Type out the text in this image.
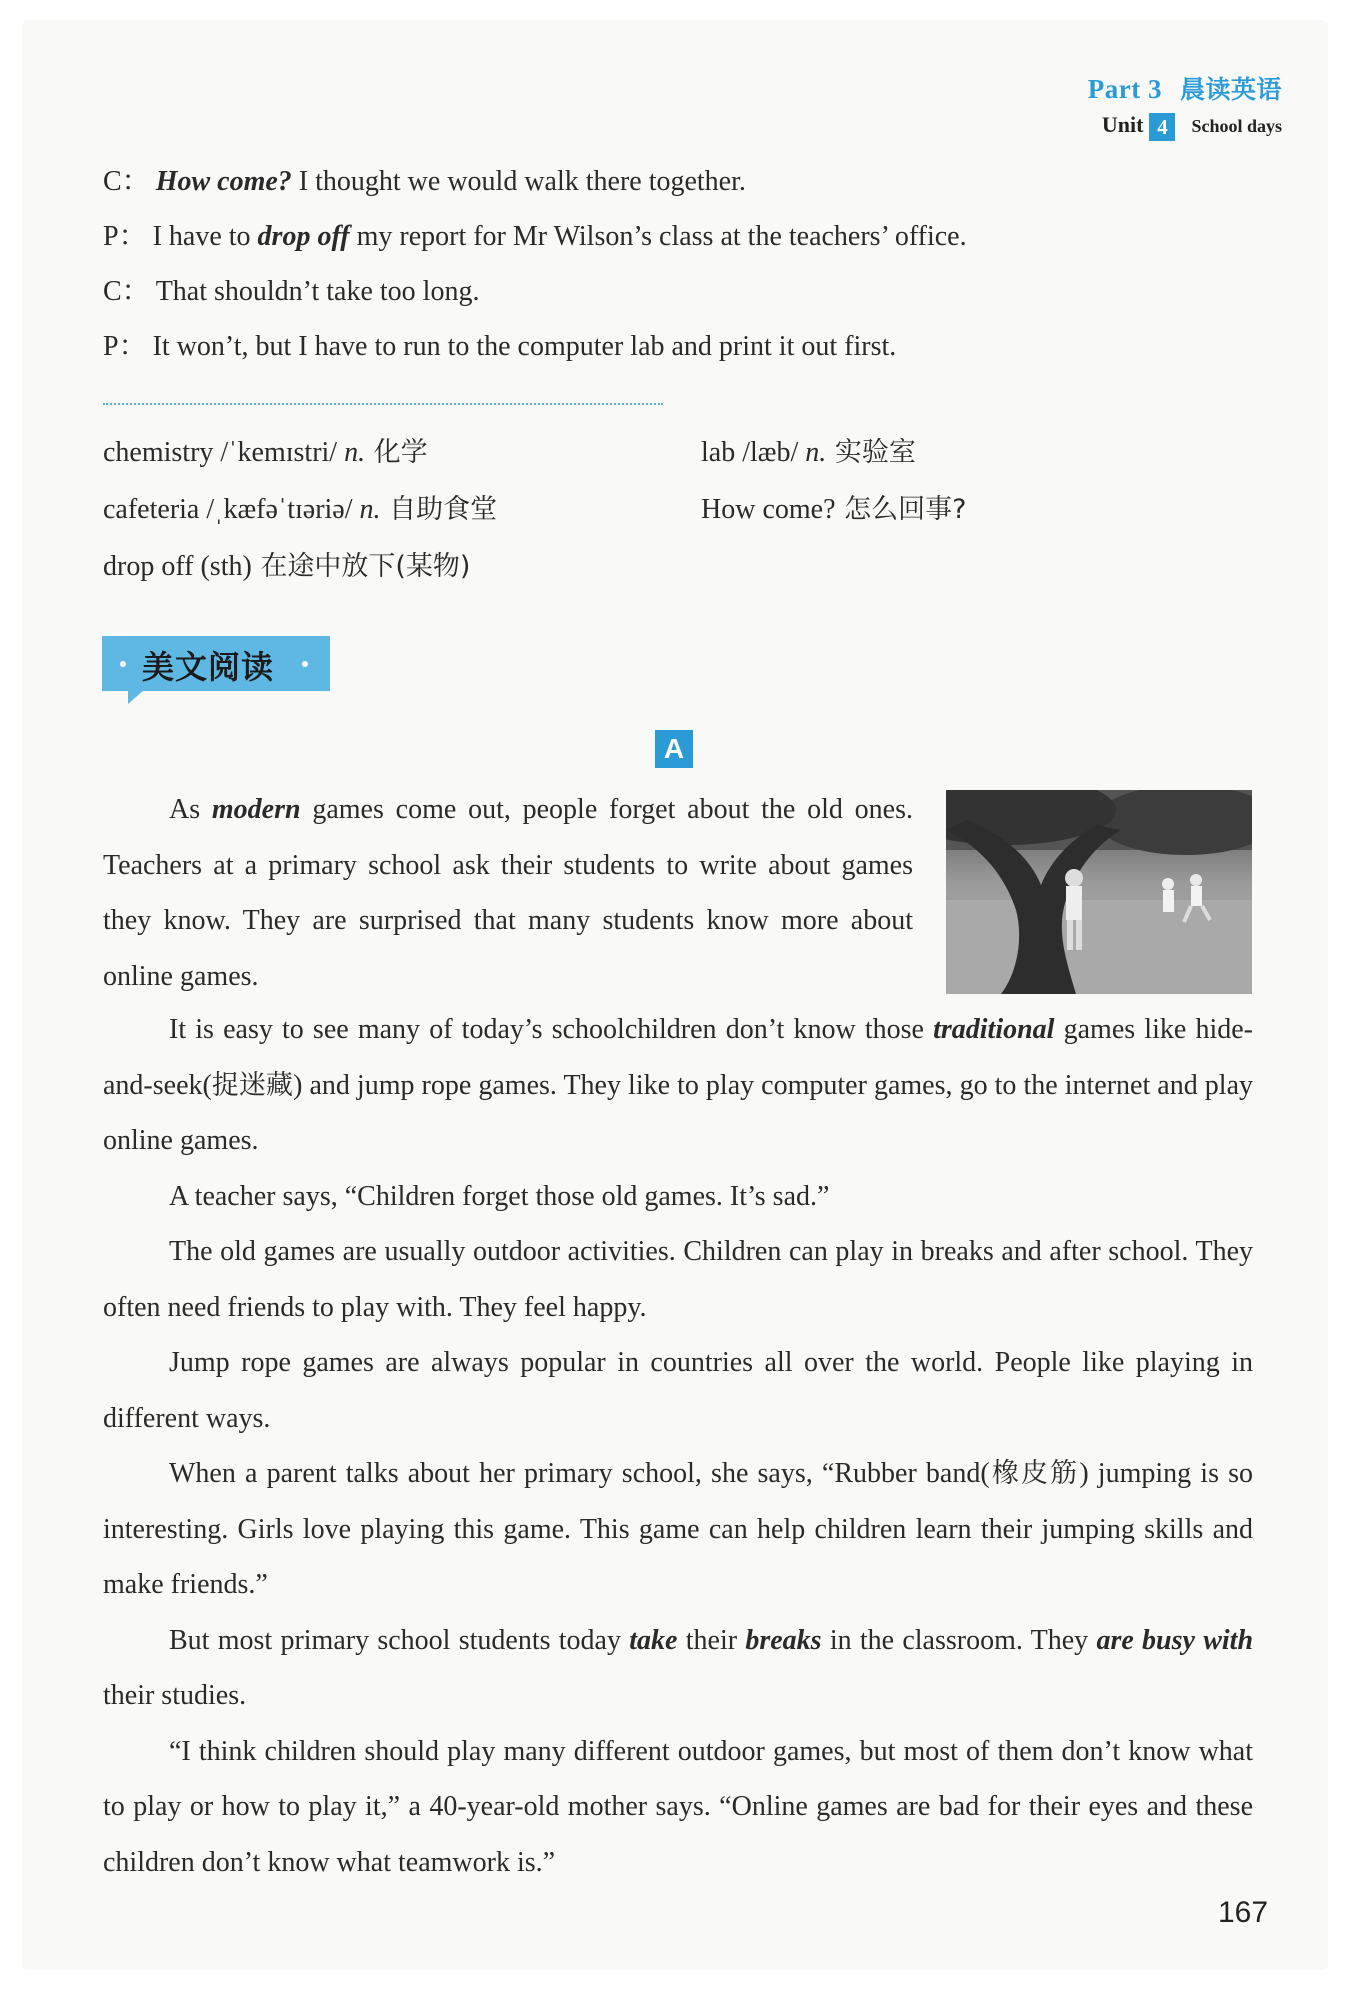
Part 3 晨读英语
Unit 4 School days
C： How come? I thought we would walk there together.
P： I have to drop off my report for Mr Wilson’s class at the teachers’ office.
C： That shouldn’t take too long.
P： It won’t, but I have to run to the computer lab and print it out first.
chemistry /ˈkemɪstri/ n. 化学	lab /læb/ n. 实验室
cafeteria /ˌkæfəˈtɪəriə/ n. 自助食堂	How come? 怎么回事?
drop off (sth) 在途中放下(某物)
美文阅读
A

As modern games come out, people forget about the old ones. Teachers at a primary school ask their students to write about games they know. They are surprised that many students know more about online games.

It is easy to see many of today’s schoolchildren don’t know those traditional games like hide-and-seek(捉迷藏) and jump rope games. They like to play computer games, go to the internet and play online games.

A teacher says, “Children forget those old games. It’s sad.”

The old games are usually outdoor activities. Children can play in breaks and after school. They often need friends to play with. They feel happy.

Jump rope games are always popular in countries all over the world. People like playing in different ways.

When a parent talks about her primary school, she says, “Rubber band(橡皮筋) jumping is so interesting. Girls love playing this game. This game can help children learn their jumping skills and make friends.”

But most primary school students today take their breaks in the classroom. They are busy with their studies.

“I think children should play many different outdoor games, but most of them don’t know what to play or how to play it,” a 40-year-old mother says. “Online games are bad for their eyes and these children don’t know what teamwork is.”

167
